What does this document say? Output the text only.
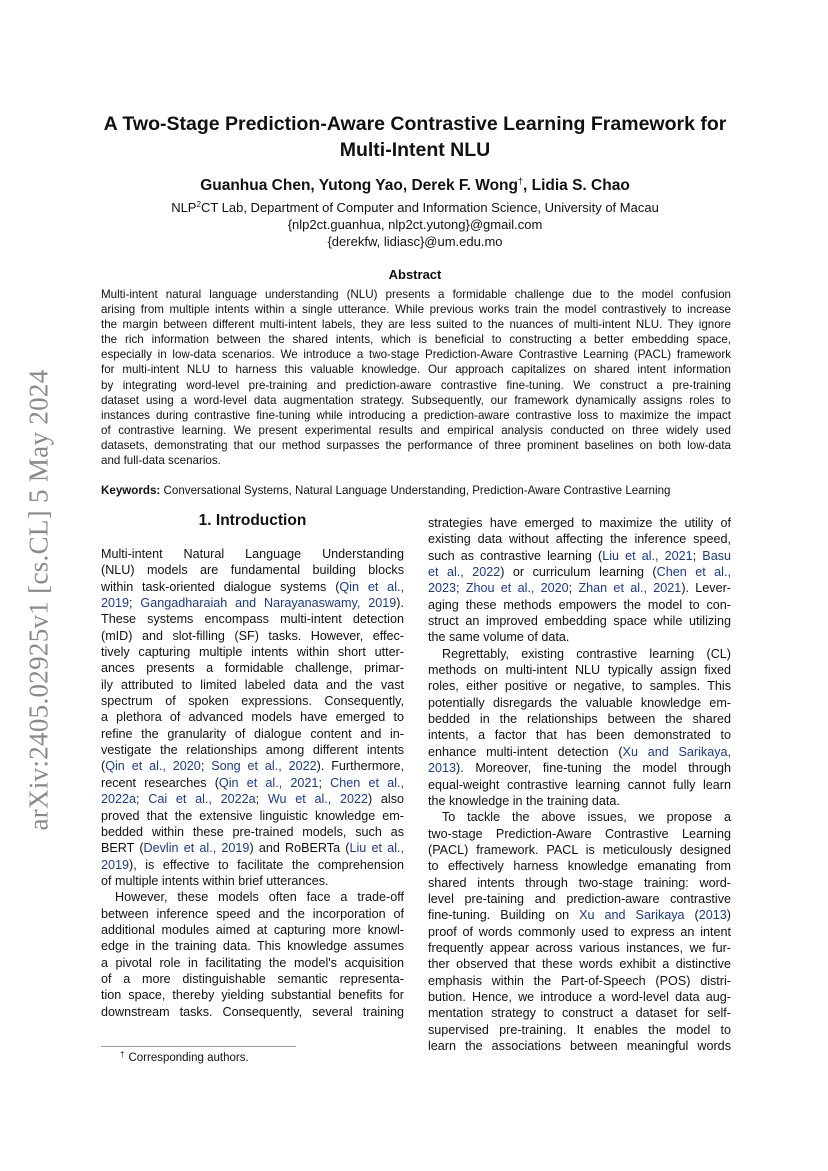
arXiv:2405.02925v1 [cs.CL] 5 May 2024
A Two-Stage Prediction-Aware Contrastive Learning Framework for
Multi-Intent NLU
Guanhua Chen, Yutong Yao, Derek F. Wong†, Lidia S. Chao
NLP$^2$CT Lab, Department of Computer and Information Science, University of Macau
{nlp2ct.guanhua, nlp2ct.yutong}@gmail.com
{derekfw, lidiasc}@um.edu.mo
Abstract
Multi-intent natural language understanding (NLU) presents a formidable challenge due to the model confusion
arising from multiple intents within a single utterance. While previous works train the model contrastively to increase
the margin between different multi-intent labels, they are less suited to the nuances of multi-intent NLU. They ignore
the rich information between the shared intents, which is beneficial to constructing a better embedding space,
especially in low-data scenarios. We introduce a two-stage Prediction-Aware Contrastive Learning (PACL) framework
for multi-intent NLU to harness this valuable knowledge. Our approach capitalizes on shared intent information
by integrating word-level pre-training and prediction-aware contrastive fine-tuning. We construct a pre-training
dataset using a word-level data augmentation strategy. Subsequently, our framework dynamically assigns roles to
instances during contrastive fine-tuning while introducing a prediction-aware contrastive loss to maximize the impact
of contrastive learning. We present experimental results and empirical analysis conducted on three widely used
datasets, demonstrating that our method surpasses the performance of three prominent baselines on both low-data
and full-data scenarios.
Keywords: Conversational Systems, Natural Language Understanding, Prediction-Aware Contrastive Learning
1. Introduction
Multi-intent Natural Language Understanding
(NLU) models are fundamental building blocks
within task-oriented dialogue systems (Qin et al.,
2019; Gangadharaiah and Narayanaswamy, 2019).
These systems encompass multi-intent detection
(mID) and slot-filling (SF) tasks. However, effec-
tively capturing multiple intents within short utter-
ances presents a formidable challenge, primar-
ily attributed to limited labeled data and the vast
spectrum of spoken expressions. Consequently,
a plethora of advanced models have emerged to
refine the granularity of dialogue content and in-
vestigate the relationships among different intents
(Qin et al., 2020; Song et al., 2022). Furthermore,
recent researches (Qin et al., 2021; Chen et al.,
2022a; Cai et al., 2022a; Wu et al., 2022) also
proved that the extensive linguistic knowledge em-
bedded within these pre-trained models, such as
BERT (Devlin et al., 2019) and RoBERTa (Liu et al.,
2019), is effective to facilitate the comprehension
of multiple intents within brief utterances.
However, these models often face a trade-off
between inference speed and the incorporation of
additional modules aimed at capturing more knowl-
edge in the training data. This knowledge assumes
a pivotal role in facilitating the model's acquisition
of a more distinguishable semantic representa-
tion space, thereby yielding substantial benefits for
downstream tasks. Consequently, several training
strategies have emerged to maximize the utility of
existing data without affecting the inference speed,
such as contrastive learning (Liu et al., 2021; Basu
et al., 2022) or curriculum learning (Chen et al.,
2023; Zhou et al., 2020; Zhan et al., 2021). Lever-
aging these methods empowers the model to con-
struct an improved embedding space while utilizing
the same volume of data.
Regrettably, existing contrastive learning (CL)
methods on multi-intent NLU typically assign fixed
roles, either positive or negative, to samples. This
potentially disregards the valuable knowledge em-
bedded in the relationships between the shared
intents, a factor that has been demonstrated to
enhance multi-intent detection (Xu and Sarikaya,
2013). Moreover, fine-tuning the model through
equal-weight contrastive learning cannot fully learn
the knowledge in the training data.
To tackle the above issues, we propose a
two-stage Prediction-Aware Contrastive Learning
(PACL) framework. PACL is meticulously designed
to effectively harness knowledge emanating from
shared intents through two-stage training: word-
level pre-taining and prediction-aware contrastive
fine-tuning. Building on Xu and Sarikaya (2013)
proof of words commonly used to express an intent
frequently appear across various instances, we fur-
ther observed that these words exhibit a distinctive
emphasis within the Part-of-Speech (POS) distri-
bution. Hence, we introduce a word-level data aug-
mentation strategy to construct a dataset for self-
supervised pre-training. It enables the model to
learn the associations between meaningful words
† Corresponding authors.
